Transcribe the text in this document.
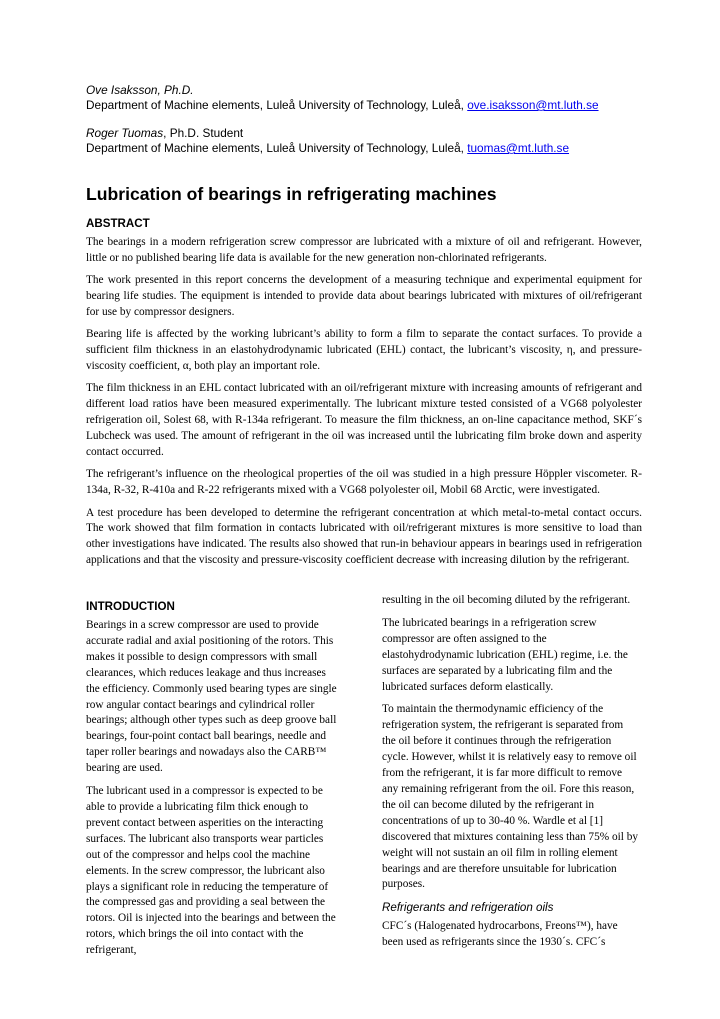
Ove Isaksson, Ph.D.
Department of Machine elements, Luleå University of Technology, Luleå, ove.isaksson@mt.luth.se
Roger Tuomas, Ph.D. Student
Department of Machine elements, Luleå University of Technology, Luleå, tuomas@mt.luth.se
Lubrication of bearings in refrigerating machines
ABSTRACT

The bearings in a modern refrigeration screw compressor are lubricated with a mixture of oil and refrigerant. However, little or no published bearing life data is available for the new generation non-chlorinated refrigerants.

The work presented in this report concerns the development of a measuring technique and experimental equipment for bearing life studies. The equipment is intended to provide data about bearings lubricated with mixtures of oil/refrigerant for use by compressor designers.

Bearing life is affected by the working lubricant’s ability to form a film to separate the contact surfaces. To provide a sufficient film thickness in an elastohydrodynamic lubricated (EHL) contact, the lubricant’s viscosity, η, and pressure-viscosity coefficient, α, both play an important role.

The film thickness in an EHL contact lubricated with an oil/refrigerant mixture with increasing amounts of refrigerant and different load ratios have been measured experimentally. The lubricant mixture tested consisted of a VG68 polyolester refrigeration oil, Solest 68, with R-134a refrigerant. To measure the film thickness, an on-line capacitance method, SKF´s Lubcheck was used. The amount of refrigerant in the oil was increased until the lubricating film broke down and asperity contact occurred.

The refrigerant’s influence on the rheological properties of the oil was studied in a high pressure Höppler viscometer. R-134a, R-32, R-410a and R-22 refrigerants mixed with a VG68 polyolester oil, Mobil 68 Arctic, were investigated.

A test procedure has been developed to determine the refrigerant concentration at which metal-to-metal contact occurs. The work showed that film formation in contacts lubricated with oil/refrigerant mixtures is more sensitive to load than other investigations have indicated. The results also showed that run-in behaviour appears in bearings used in refrigeration applications and that the viscosity and pressure-viscosity coefficient decrease with increasing dilution by the refrigerant.

INTRODUCTION

Bearings in a screw compressor are used to provide accurate radial and axial positioning of the rotors. This makes it possible to design compressors with small clearances, which reduces leakage and thus increases the efficiency. Commonly used bearing types are single row angular contact bearings and cylindrical roller bearings; although other types such as deep groove ball bearings, four-point contact ball bearings, needle and taper roller bearings and nowadays also the CARB™ bearing are used.

The lubricant used in a compressor is expected to be able to provide a lubricating film thick enough to prevent contact between asperities on the interacting surfaces. The lubricant also transports wear particles out of the compressor and helps cool the machine elements. In the screw compressor, the lubricant also plays a significant role in reducing the temperature of the compressed gas and providing a seal between the rotors. Oil is injected into the bearings and between the rotors, which brings the oil into contact with the refrigerant,

resulting in the oil becoming diluted by the refrigerant.

The lubricated bearings in a refrigeration screw compressor are often assigned to the elastohydrodynamic lubrication (EHL) regime, i.e. the surfaces are separated by a lubricating film and the lubricated surfaces deform elastically.

To maintain the thermodynamic efficiency of the refrigeration system, the refrigerant is separated from the oil before it continues through the refrigeration cycle. However, whilst it is relatively easy to remove oil from the refrigerant, it is far more difficult to remove any remaining refrigerant from the oil. Fore this reason, the oil can become diluted by the refrigerant in concentrations of up to 30-40 %. Wardle et al [1] discovered that mixtures containing less than 75% oil by weight will not sustain an oil film in rolling element bearings and are therefore unsuitable for lubrication purposes.

Refrigerants and refrigeration oils

CFC´s (Halogenated hydrocarbons, Freons™), have been used as refrigerants since the 1930´s. CFC´s
